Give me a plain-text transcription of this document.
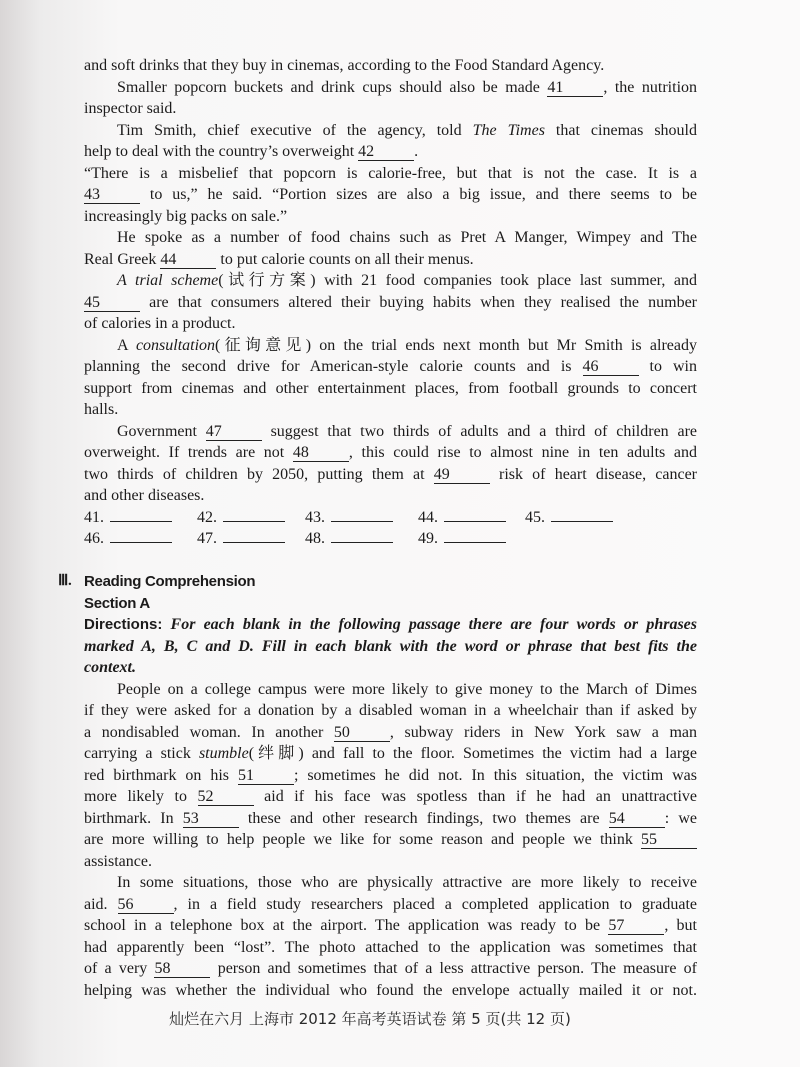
and soft drinks that they buy in cinemas, according to the Food Standard Agency.
Smaller popcorn buckets and drink cups should also be made 41	, the nutrition
inspector said.
Tim Smith, chief executive of the agency, told The Times that cinemas should
help to deal with the country’s overweight 42	.
“There is a misbelief that popcorn is calorie-free, but that is not the case. It is a
43	to us,” he said. “Portion sizes are also a big issue, and there seems to be
increasingly big packs on sale.”
He spoke as a number of food chains such as Pret A Manger, Wimpey and The
Real Greek 44	to put calorie counts on all their menus.
A trial scheme(试行方案) with 21 food companies took place last summer, and
45	are that consumers altered their buying habits when they realised the number
of calories in a product.
A consultation(征询意见) on the trial ends next month but Mr Smith is already
planning the second drive for American-style calorie counts and is 46	to win
support from cinemas and other entertainment places, from football grounds to concert
halls.
Government 47	suggest that two thirds of adults and a third of children are
overweight. If trends are not 48	, this could rise to almost nine in ten adults and
two thirds of children by 2050, putting them at 49	risk of heart disease, cancer
and other diseases.
41.	42.	43.	44.	45.
46.	47.	48.	49.
Ⅲ. Reading Comprehension
Section A
Directions: For each blank in the following passage there are four words or phrases
marked A, B, C and D. Fill in each blank with the word or phrase that best fits the
context.
People on a college campus were more likely to give money to the March of Dimes
if they were asked for a donation by a disabled woman in a wheelchair than if asked by
a nondisabled woman. In another 50	, subway riders in New York saw a man
carrying a stick stumble(绊脚) and fall to the floor. Sometimes the victim had a large
red birthmark on his 51	; sometimes he did not. In this situation, the victim was
more likely to 52	aid if his face was spotless than if he had an unattractive
birthmark. In 53	these and other research findings, two themes are 54	: we
are more willing to help people we like for some reason and people we think 55
assistance.
In some situations, those who are physically attractive are more likely to receive
aid. 56	, in a field study researchers placed a completed application to graduate
school in a telephone box at the airport. The application was ready to be 57	, but
had apparently been “lost”. The photo attached to the application was sometimes that
of a very 58	person and sometimes that of a less attractive person. The measure of
helping was whether the individual who found the envelope actually mailed it or not.
灿烂在六月 上海市 2012 年高考英语试卷 第 5 页(共 12 页)
